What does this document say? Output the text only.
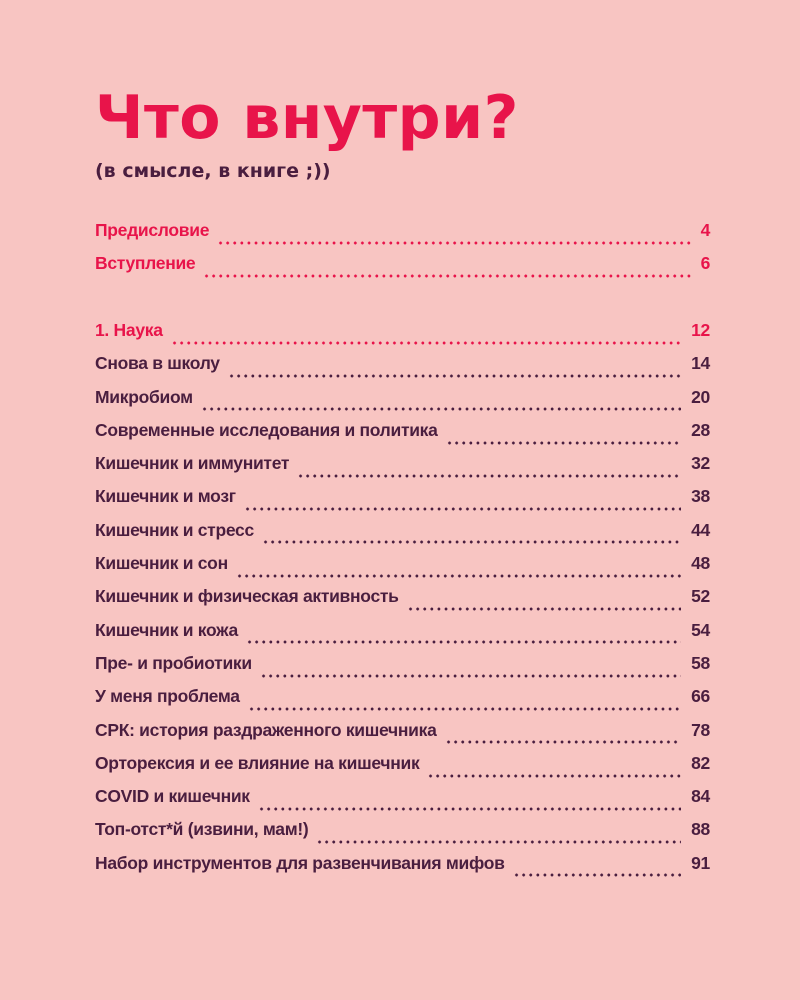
Что внутри?
(в смысле, в книге ;))
Предисловие	4
Вступление	6
1. Наука	12
Снова в школу	14
Микробиом	20
Современные исследования и политика	28
Кишечник и иммунитет	32
Кишечник и мозг	38
Кишечник и стресс	44
Кишечник и сон	48
Кишечник и физическая активность	52
Кишечник и кожа	54
Пре- и пробиотики	58
У меня проблема	66
СРК: история раздраженного кишечника	78
Орторексия и ее влияние на кишечник	82
COVID и кишечник	84
Топ-отст*й (извини, мам!)	88
Набор инструментов для развенчивания мифов	91
